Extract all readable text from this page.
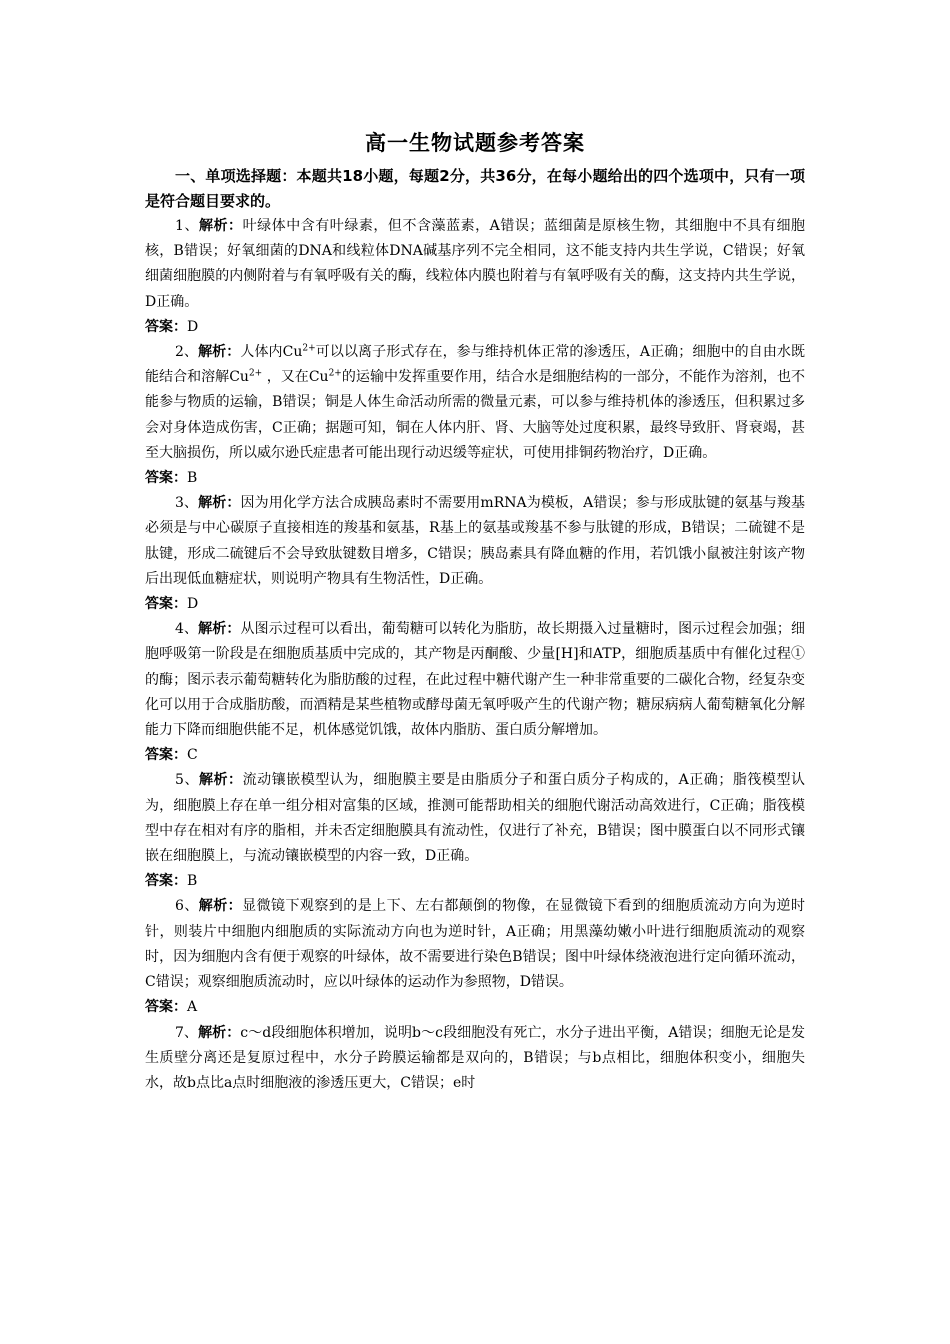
高一生物试题参考答案
一、单项选择题：本题共18小题，每题2分，共36分，在每小题给出的四个选项中，只有一项是符合题目要求的。

1、解析：叶绿体中含有叶绿素，但不含藻蓝素，A错误；蓝细菌是原核生物，其细胞中不具有细胞核，B错误；好氧细菌的DNA和线粒体DNA碱基序列不完全相同，这不能支持内共生学说，C错误；好氧细菌细胞膜的内侧附着与有氧呼吸有关的酶，线粒体内膜也附着与有氧呼吸有关的酶，这支持内共生学说，D正确。

答案：D

2、解析：人体内$Cu^{2+}$可以以离子形式存在，参与维持机体正常的渗透压，A正确；细胞中的自由水既能结合和溶解$Cu^{2+}$ ，又在$Cu^{2+}$的运输中发挥重要作用，结合水是细胞结构的一部分，不能作为溶剂，也不能参与物质的运输，B错误；铜是人体生命活动所需的微量元素，可以参与维持机体的渗透压，但积累过多会对身体造成伤害，C正确；据题可知，铜在人体内肝、肾、大脑等处过度积累，最终导致肝、肾衰竭，甚至大脑损伤，所以威尔逊氏症患者可能出现行动迟缓等症状，可使用排铜药物治疗，D正确。

答案：B

3、解析：因为用化学方法合成胰岛素时不需要用mRNA为模板，A错误；参与形成肽键的氨基与羧基必须是与中心碳原子直接相连的羧基和氨基，R基上的氨基或羧基不参与肽键的形成，B错误；二硫键不是肽键，形成二硫键后不会导致肽键数目增多，C错误；胰岛素具有降血糖的作用，若饥饿小鼠被注射该产物后出现低血糖症状，则说明产物具有生物活性，D正确。

答案：D

4、解析：从图示过程可以看出，葡萄糖可以转化为脂肪，故长期摄入过量糖时，图示过程会加强；细胞呼吸第一阶段是在细胞质基质中完成的，其产物是丙酮酸、少量[H]和ATP，细胞质基质中有催化过程①的酶；图示表示葡萄糖转化为脂肪酸的过程，在此过程中糖代谢产生一种非常重要的二碳化合物，经复杂变化可以用于合成脂肪酸，而酒精是某些植物或酵母菌无氧呼吸产生的代谢产物；糖尿病病人葡萄糖氧化分解能力下降而细胞供能不足，机体感觉饥饿，故体内脂肪、蛋白质分解增加。

答案：C

5、解析：流动镶嵌模型认为，细胞膜主要是由脂质分子和蛋白质分子构成的，A正确；脂筏模型认为，细胞膜上存在单一组分相对富集的区域，推测可能帮助相关的细胞代谢活动高效进行，C正确；脂筏模型中存在相对有序的脂相，并未否定细胞膜具有流动性，仅进行了补充，B错误；图中膜蛋白以不同形式镶嵌在细胞膜上，与流动镶嵌模型的内容一致，D正确。

答案：B

6、解析：显微镜下观察到的是上下、左右都颠倒的物像，在显微镜下看到的细胞质流动方向为逆时针，则装片中细胞内细胞质的实际流动方向也为逆时针，A正确；用黑藻幼嫩小叶进行细胞质流动的观察时，因为细胞内含有便于观察的叶绿体，故不需要进行染色B错误；图中叶绿体绕液泡进行定向循环流动，C错误；观察细胞质流动时，应以叶绿体的运动作为参照物，D错误。

答案：A

7、解析：c～d段细胞体积增加，说明b～c段细胞没有死亡，水分子进出平衡，A错误；细胞无论是发生质壁分离还是复原过程中，水分子跨膜运输都是双向的，B错误；与b点相比，细胞体积变小，细胞失水，故b点比a点时细胞液的渗透压更大，C错误；e时
